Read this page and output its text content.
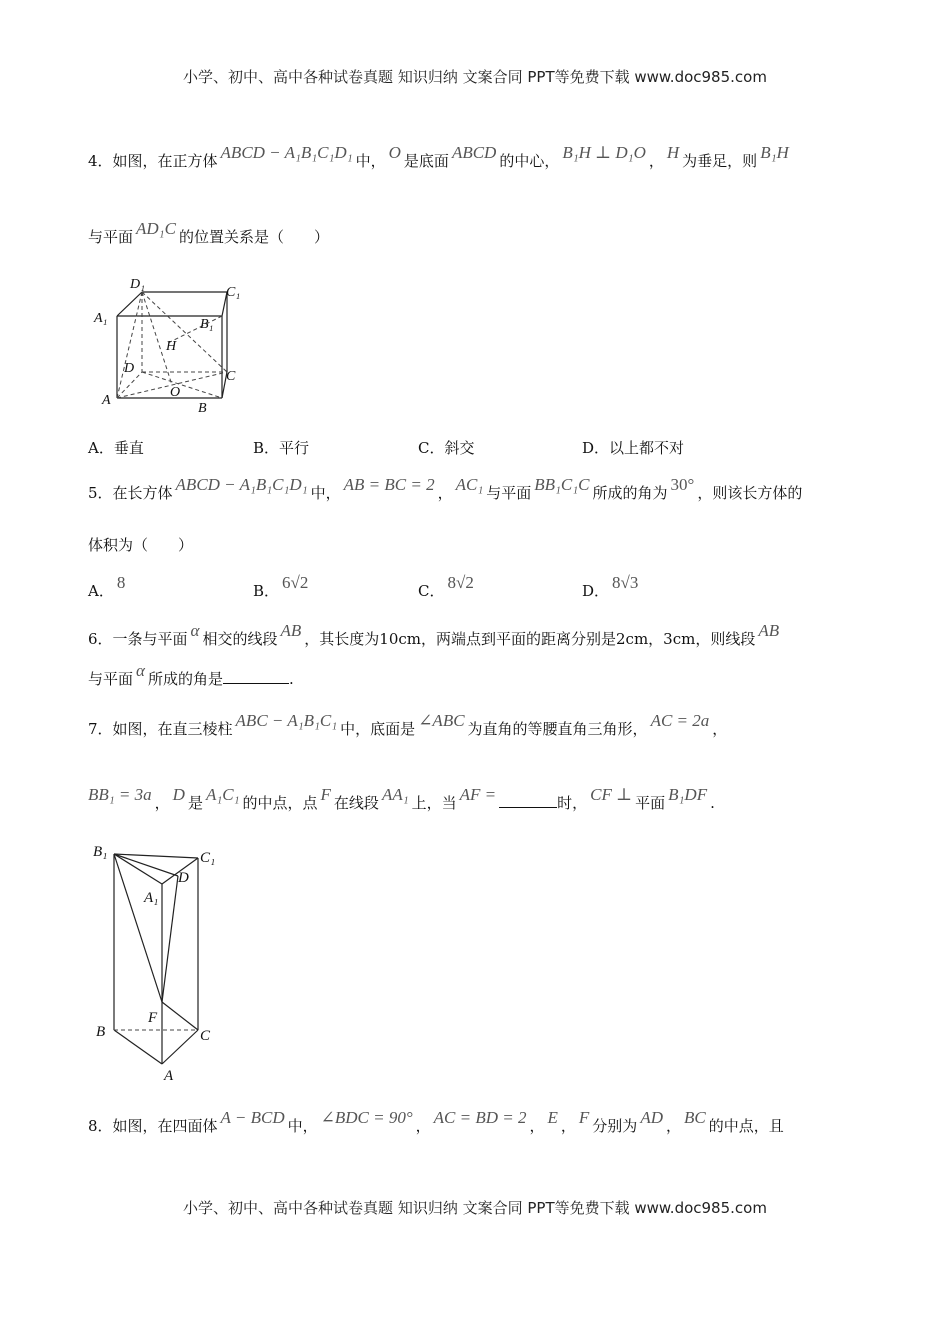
小学、初中、高中各种试卷真题 知识归纳 文案合同 PPT等免费下载 www.doc985.com
4．如图，在正方体 ABCD − A₁B₁C₁D₁ 中， O 是底面 ABCD 的中心， B₁H ⊥ D₁O ， H 为垂足，则 B₁H
与平面 AD₁C 的位置关系是（　　）
D₁
C₁
A₁	B₁
H
D
C
A
O
B
A．垂直	B．平行	C．斜交	D．以上都不对
5．在长方体 ABCD − A₁B₁C₁D₁ 中， AB = BC = 2 ， AC₁ 与平面 BB₁C₁C 所成的角为 30° ，则该长方体的
体积为（　　）
A． 8	B． 6√2	C． 8√2	D． 8√3
6．一条与平面 α 相交的线段 AB ，其长度为10cm，两端点到平面的距离分别是2cm，3cm，则线段 AB
与平面 α 所成的角是	.
7．如图，在直三棱柱 ABC − A₁B₁C₁ 中，底面是 ∠ABC 为直角的等腰直角三角形， AC = 2a ，
BB₁ = 3a ， D 是 A₁C₁ 的中点，点 F 在线段 AA₁ 上，当 AF =	时， CF ⊥ 平面 B₁DF .
B₁	C₁
D
A₁
F
B	C
A
8．如图，在四面体 A − BCD 中， ∠BDC = 90° ， AC = BD = 2 ， E ， F 分别为 AD ， BC 的中点，且
小学、初中、高中各种试卷真题 知识归纳 文案合同 PPT等免费下载 www.doc985.com
